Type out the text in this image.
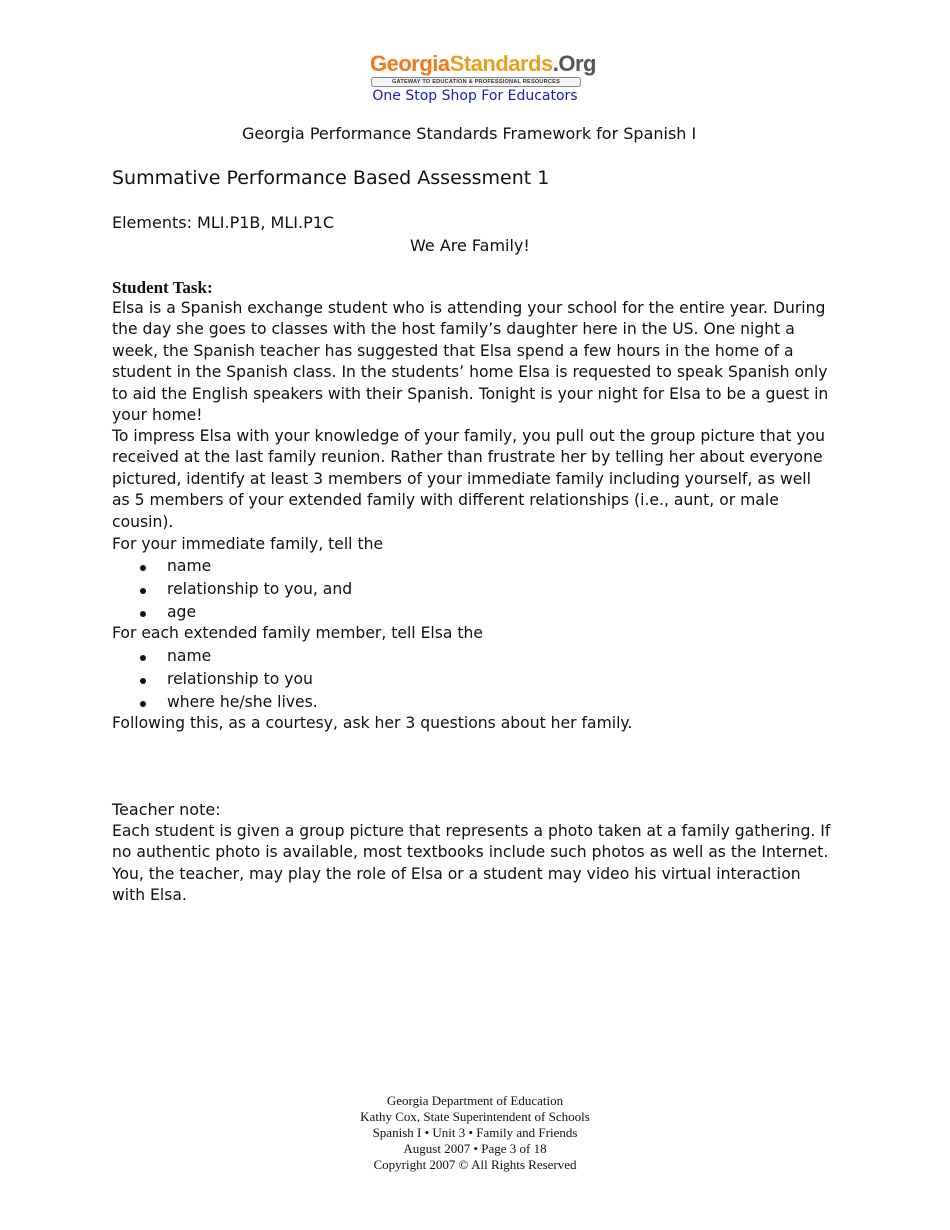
GeorgiaStandards.Org
GATEWAY TO EDUCATION & PROFESSIONAL RESOURCES
One Stop Shop For Educators
Georgia Performance Standards Framework for Spanish I
Summative Performance Based Assessment 1
Elements: MLI.P1B, MLI.P1C
We Are Family!
Student Task:
Elsa is a Spanish exchange student who is attending your school for the entire year. During the day she goes to classes with the host family’s daughter here in the US. One night a week, the Spanish teacher has suggested that Elsa spend a few hours in the home of a student in the Spanish class. In the students’ home Elsa is requested to speak Spanish only to aid the English speakers with their Spanish. Tonight is your night for Elsa to be a guest in your home!
To impress Elsa with your knowledge of your family, you pull out the group picture that you received at the last family reunion. Rather than frustrate her by telling her about everyone pictured, identify at least 3 members of your immediate family including yourself, as well as 5 members of your extended family with different relationships (i.e., aunt, or male cousin).
For your immediate family, tell the
name
relationship to you, and
age
For each extended family member, tell Elsa the
name
relationship to you
where he/she lives.
Following this, as a courtesy, ask her 3 questions about her family.
Teacher note:
Each student is given a group picture that represents a photo taken at a family gathering. If no authentic photo is available, most textbooks include such photos as well as the Internet.
You, the teacher, may play the role of Elsa or a student may video his virtual interaction with Elsa.
Georgia Department of Education
Kathy Cox, State Superintendent of Schools
Spanish I • Unit 3 • Family and Friends
August 2007 • Page 3 of 18
Copyright 2007 © All Rights Reserved
